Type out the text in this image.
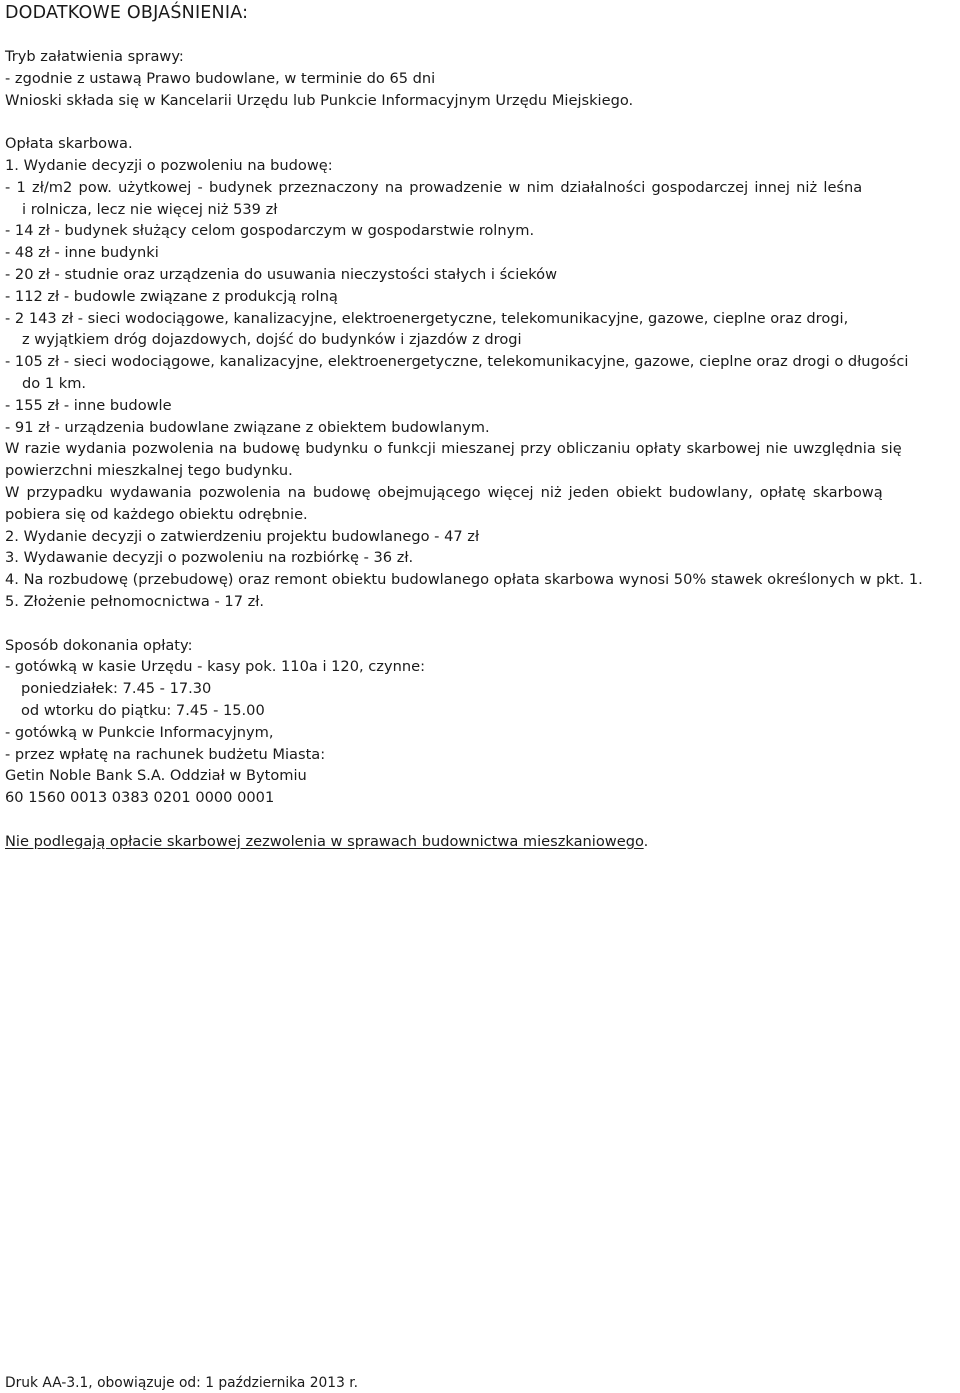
DODATKOWE OBJAŚNIENIA:
Tryb załatwienia sprawy:
- zgodnie z ustawą Prawo budowlane, w terminie do 65 dni
Wnioski składa się w Kancelarii Urzędu lub Punkcie Informacyjnym Urzędu Miejskiego.
Opłata skarbowa.
1. Wydanie decyzji o pozwoleniu na budowę:
- 1 zł/m2 pow. użytkowej - budynek przeznaczony na prowadzenie w nim działalności gospodarczej innej niż leśna
i rolnicza, lecz nie więcej niż 539 zł
- 14 zł - budynek służący celom gospodarczym w gospodarstwie rolnym.
- 48 zł - inne budynki
- 20 zł - studnie oraz urządzenia do usuwania nieczystości stałych i ścieków
- 112 zł - budowle związane z produkcją rolną
- 2 143 zł - sieci wodociągowe, kanalizacyjne, elektroenergetyczne, telekomunikacyjne, gazowe, cieplne oraz drogi,
z wyjątkiem dróg dojazdowych, dojść do budynków i zjazdów z drogi
- 105 zł - sieci wodociągowe, kanalizacyjne, elektroenergetyczne, telekomunikacyjne, gazowe, cieplne oraz drogi o długości
do 1 km.
- 155 zł - inne budowle
- 91 zł - urządzenia budowlane związane z obiektem budowlanym.
W razie wydania pozwolenia na budowę budynku o funkcji mieszanej przy obliczaniu opłaty skarbowej nie uwzględnia się
powierzchni mieszkalnej tego budynku.
W przypadku wydawania pozwolenia na budowę obejmującego więcej niż jeden obiekt budowlany, opłatę skarbową
pobiera się od każdego obiektu odrębnie.
2. Wydanie decyzji o zatwierdzeniu projektu budowlanego - 47 zł
3. Wydawanie decyzji o pozwoleniu na rozbiórkę - 36 zł.
4. Na rozbudowę (przebudowę) oraz remont obiektu budowlanego opłata skarbowa wynosi 50% stawek określonych w pkt. 1.
5. Złożenie pełnomocnictwa - 17 zł.
Sposób dokonania opłaty:
- gotówką w kasie Urzędu - kasy pok. 110a i 120, czynne:
poniedziałek: 7.45 - 17.30
od wtorku do piątku: 7.45 - 15.00
- gotówką w Punkcie Informacyjnym,
- przez wpłatę na rachunek budżetu Miasta:
Getin Noble Bank S.A. Oddział w Bytomiu
60 1560 0013 0383 0201 0000 0001
Nie podlegają opłacie skarbowej zezwolenia w sprawach budownictwa mieszkaniowego.
Druk AA-3.1, obowiązuje od: 1 października 2013 r.
